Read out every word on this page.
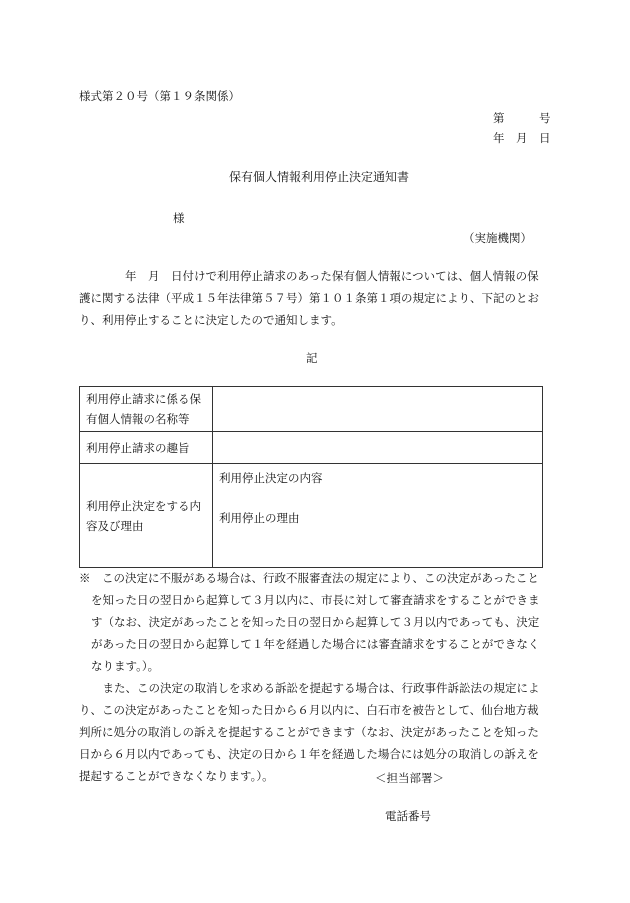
様式第２０号（第１９条関係）
第　　　号
年　月　日
保有個人情報利用停止決定通知書
様
（実施機関）
　　　　年　月　日付けで利用停止請求のあった保有個人情報については、個人情報の保
護に関する法律（平成１５年法律第５７号）第１０１条第１項の規定により、下記のとお
り、利用停止することに決定したので通知します。
記
利用停止請求に係る保
有個人情報の名称等	

利用停止請求の趣旨	

利用停止決定をする内
容及び理由	利用停止決定の内容
利用停止の理由
※　この決定に不服がある場合は、行政不服審査法の規定により、この決定があったこと
を知った日の翌日から起算して３月以内に、市長に対して審査請求をすることができま
す（なお、決定があったことを知った日の翌日から起算して３月以内であっても、決定
があった日の翌日から起算して１年を経過した場合には審査請求をすることができなく
なります。）。
　また、この決定の取消しを求める訴訟を提起する場合は、行政事件訴訟法の規定によ
り、この決定があったことを知った日から６月以内に、白石市を被告として、仙台地方裁
判所に処分の取消しの訴えを提起することができます（なお、決定があったことを知った
日から６月以内であっても、決定の日から１年を経過した場合には処分の取消しの訴えを
提起することができなくなります。）。	＜担当部署＞
電話番号
